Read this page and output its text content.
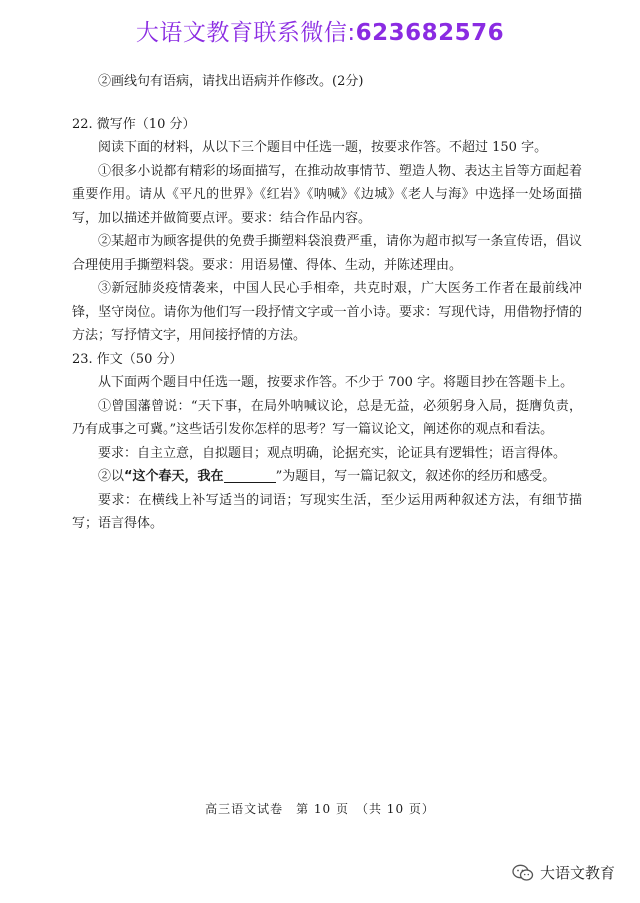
大语文教育联系微信:623682576

②画线句有语病，请找出语病并作修改。(2分)

22. 微写作（10 分）

阅读下面的材料，从以下三个题目中任选一题，按要求作答。不超过 150 字。

①很多小说都有精彩的场面描写，在推动故事情节、塑造人物、表达主旨等方面起着重要作用。请从《平凡的世界》《红岩》《呐喊》《边城》《老人与海》中选择一处场面描写，加以描述并做简要点评。要求：结合作品内容。

②某超市为顾客提供的免费手撕塑料袋浪费严重，请你为超市拟写一条宣传语，倡议合理使用手撕塑料袋。要求：用语易懂、得体、生动，并陈述理由。

③新冠肺炎疫情袭来，中国人民心手相牵，共克时艰，广大医务工作者在最前线冲锋，坚守岗位。请你为他们写一段抒情文字或一首小诗。要求：写现代诗，用借物抒情的方法；写抒情文字，用间接抒情的方法。

23. 作文（50 分）

从下面两个题目中任选一题，按要求作答。不少于 700 字。将题目抄在答题卡上。

①曾国藩曾说：“天下事，在局外呐喊议论，总是无益，必须躬身入局，挺膺负责，乃有成事之可冀。”这些话引发你怎样的思考？写一篇议论文，阐述你的观点和看法。

要求：自主立意，自拟题目；观点明确，论据充实，论证具有逻辑性；语言得体。

②以“这个春天，我在	”为题目，写一篇记叙文，叙述你的经历和感受。

要求：在横线上补写适当的词语；写现实生活，至少运用两种叙述方法，有细节描写；语言得体。

高三语文试卷　第 10 页　（共 10 页）
大语文教育
